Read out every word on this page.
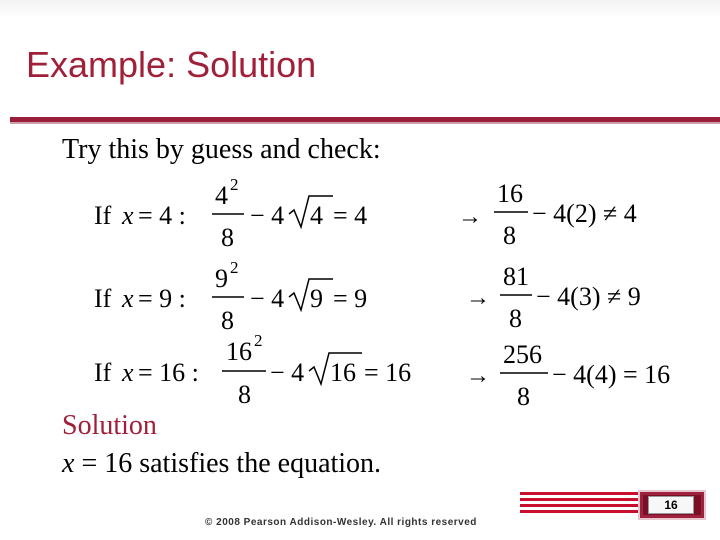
Example: Solution
Try this by guess and check:
If x = 4 :
4 2
8
− 4 4 = 4	→
16
8
− 4(2) ≠ 4
If x = 9 :
9 2
8
− 4 9 = 9	→
81
8
− 4(3) ≠ 9
If x = 16 :
16 2
8
− 4 16 = 16 →
256
8
− 4(4) = 16
Solution
x = 16 satisfies the equation.
© 2008 Pearson Addison-Wesley. All rights reserved
16
